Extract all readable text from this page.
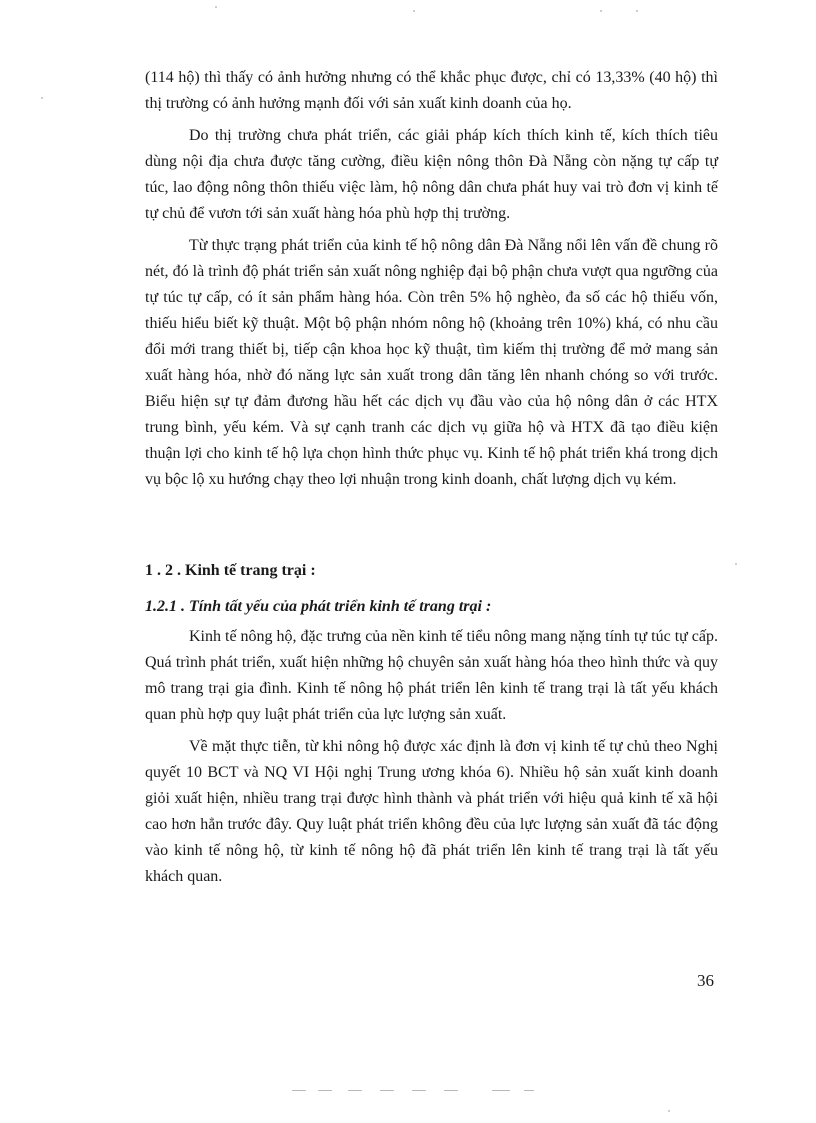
(114 hộ) thì thấy có ảnh hưởng nhưng có thể khắc phục được, chỉ có 13,33% (40 hộ) thì thị trường có ảnh hưởng mạnh đối với sản xuất kinh doanh của họ.

Do thị trường chưa phát triển, các giải pháp kích thích kinh tế, kích thích tiêu dùng nội địa chưa được tăng cường, điều kiện nông thôn Đà Nẵng còn nặng tự cấp tự túc, lao động nông thôn thiếu việc làm, hộ nông dân chưa phát huy vai trò đơn vị kinh tế tự chủ để vươn tới sản xuất hàng hóa phù hợp thị trường.

Từ thực trạng phát triển của kinh tế hộ nông dân Đà Nẵng nổi lên vấn đề chung rõ nét, đó là trình độ phát triển sản xuất nông nghiệp đại bộ phận chưa vượt qua ngưỡng của tự túc tự cấp, có ít sản phẩm hàng hóa. Còn trên 5% hộ nghèo, đa số các hộ thiếu vốn, thiếu hiểu biết kỹ thuật. Một bộ phận nhóm nông hộ (khoảng trên 10%) khá, có nhu cầu đổi mới trang thiết bị, tiếp cận khoa học kỹ thuật, tìm kiếm thị trường để mở mang sản xuất hàng hóa, nhờ đó năng lực sản xuất trong dân tăng lên nhanh chóng so với trước. Biểu hiện sự tự đảm đương hầu hết các dịch vụ đầu vào của hộ nông dân ở các HTX trung bình, yếu kém. Và sự cạnh tranh các dịch vụ giữa hộ và HTX đã tạo điều kiện thuận lợi cho kinh tế hộ lựa chọn hình thức phục vụ. Kinh tế hộ phát triển khá trong dịch vụ bộc lộ xu hướng chạy theo lợi nhuận trong kinh doanh, chất lượng dịch vụ kém.

1 . 2 . Kinh tế trang trại :

1.2.1 . Tính tất yếu của phát triển kinh tế trang trại :

Kinh tế nông hộ, đặc trưng của nền kinh tế tiểu nông mang nặng tính tự túc tự cấp. Quá trình phát triển, xuất hiện những hộ chuyên sản xuất hàng hóa theo hình thức và quy mô trang trại gia đình. Kinh tế nông hộ phát triển lên kinh tế trang trại là tất yếu khách quan phù hợp quy luật phát triển của lực lượng sản xuất.

Về mặt thực tiễn, từ khi nông hộ được xác định là đơn vị kinh tế tự chủ theo Nghị quyết 10 BCT và NQ VI Hội nghị Trung ương khóa 6). Nhiều hộ sản xuất kinh doanh giỏi xuất hiện, nhiều trang trại được hình thành và phát triển với hiệu quả kinh tế xã hội cao hơn hẳn trước đây. Quy luật phát triển không đều của lực lượng sản xuất đã tác động vào kinh tế nông hộ, từ kinh tế nông hộ đã phát triển lên kinh tế trang trại là tất yếu khách quan.

36
